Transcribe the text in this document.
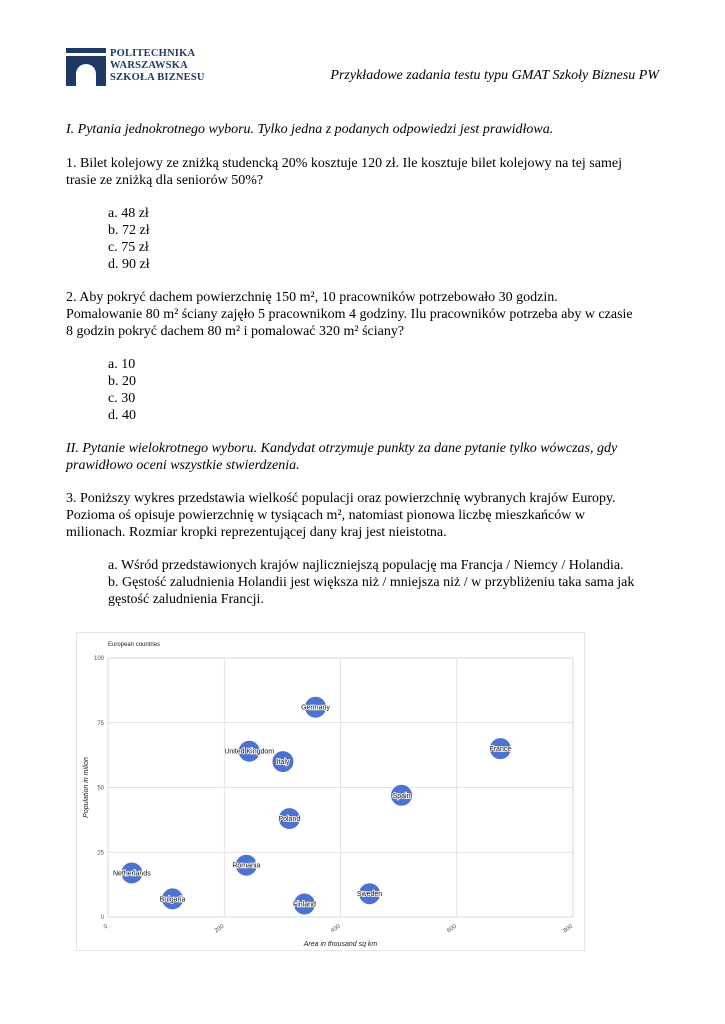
POLITECHNIKA
WARSZAWSKA
SZKOŁA BIZNESU	Przykładowe zadania testu typu GMAT Szkoły Biznesu PW
I. Pytania jednokrotnego wyboru. Tylko jedna z podanych odpowiedzi jest prawidłowa.
1. Bilet kolejowy ze zniżką studencką 20% kosztuje 120 zł. Ile kosztuje bilet kolejowy na tej samej
trasie ze zniżką dla seniorów 50%?
a. 48 zł
b. 72 zł
c. 75 zł
d. 90 zł
2. Aby pokryć dachem powierzchnię 150 m², 10 pracowników potrzebowało 30 godzin.
Pomalowanie 80 m² ściany zajęło 5 pracownikom 4 godziny. Ilu pracowników potrzeba aby w czasie
8 godzin pokryć dachem 80 m² i pomalować 320 m² ściany?
a. 10
b. 20
c. 30
d. 40
II. Pytanie wielokrotnego wyboru. Kandydat otrzymuje punkty za dane pytanie tylko wówczas, gdy
prawidłowo oceni wszystkie stwierdzenia.
3. Poniższy wykres przedstawia wielkość populacji oraz powierzchnię wybranych krajów Europy.
Pozioma oś opisuje powierzchnię w tysiącach m², natomiast pionowa liczbę mieszkańców w
milionach. Rozmiar kropki reprezentującej dany kraj jest nieistotna.
a. Wśród przedstawionych krajów najliczniejszą populację ma Francja / Niemcy / Holandia.
b. Gęstość zaludnienia Holandii jest większa niż / mniejsza niż / w przybliżeniu taka sama jak
gęstość zaludnienia Francji.
European countries
0
25
50
75
100
0	200	400	600	800
Area in thousand sq km
Population in milion
Germany
France
United Kingdom
Italy
Spain
Poland
Romania
Netherlands
Bulgaria
Finland
Sweden
